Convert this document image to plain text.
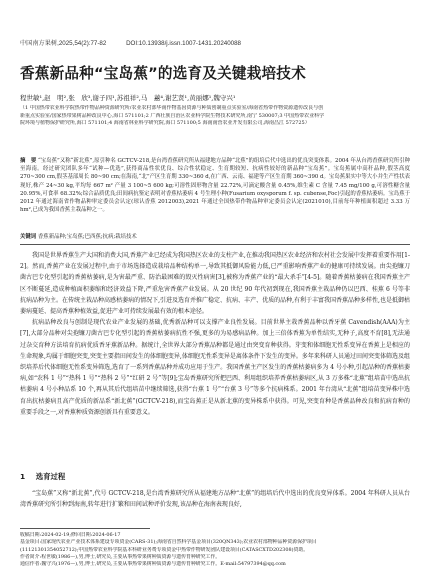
中国南方果树,2025,54(2):77-82	DOI:10.13938/j.issn.1007-1431.20240088
香蕉新品种“宝岛蕉”的选育及关键栽培技术
程世敏¹,赵　明²,张　欣³,谢子四¹,苏祖祥²,马　蕙⁴,谢艺贤¹,黄丽娜¹,魏守兴¹
（1 中国热带农业科学院热带作物品种资源研究所/农业农村部华南作物基因资源与种质创制重点实验室/海南省热带作物资源遗传改良与创
新重点实验室/国家热带果树品种改良中心,海口 571101;2 广西壮族自治区农业科学院生物技术研究所,南宁 530007;3 中国热带农业科学
院环境与植物保护研究所,海口 571101;4 海南省林业科学研究院,海口 571100;5 海南南营农业开发有限公司,海南昌江 572725）
摘　要 “宝岛蕉”又称“新北蕉”,原引种名 GCTCV-218,是台湾香蕉研究所从福建地方品种“北蕉”的组培后代中选出的优良突变体系。2004 年从台湾香蕉研究所引种至海南。经过研究团队多年“试种—优选”,获得商品性状优良、综合性状稳定、生育期较短、抗病性较好的新品种“宝岛蕉”。宝岛蕉属中高秆品种,假茎高度 270~300 cm,假茎基部周长 80~90 cm;在海南,“北”产区生育期 330~360 d,在广西、云南、福建等产区生育期 360~390 d。宝岛蕉果实中等大小并生产性状表现好,株产 24~30 kg,平均每 667 m² 产量 3 100~5 600 kg;可溶性固形物含量 22.72%,可滴定酸含量 0.45%,维生素 C 含量 7.45 mg/100 g,可溶性糖含量 20.95%,可食率 68.32%;综合品质优良;田间病抗鉴定表明对香蕉枯萎病 4 号生理小种(Fusarium oxysporum f. sp. cubense,Foc)引起的香蕉枯萎病。宝岛蕉于 2012 年通过海南省作物品种审定委员会认定(琼认香蕉 2012003),2021 年通过全国热带作物品种审定委员会认定(2021010),目前每年种植面积超过 3.33 万 hm²,已成为我国香蕉主栽品种之一。
关键词 香蕉新品种;宝岛蕉;巴西蕉;抗病;栽培技术

我国是世界香蕉生产大国和消费大国,香蕉产业已经成为我国热区农业的支柱产业,在推动我国热区农业经济和农村社会发展中发挥着重要作用[1-2]。然而,香蕉产业在发展过程中,由于市场选择造成栽培品种结构单一,导致其抵御风险能力低,已严重影响香蕉产业的健康可持续发展。由尖孢镰刀菌古巴专化型引起的香蕉枯萎病,是为害最严重、防治最困难的毁灭性病害[3],被称为香蕉产业的“最大杀手”[4-5]。随着香蕉枯萎病在我国香蕉主产区不断蔓延,造成种植面积萎缩和经济效益下降,严重危害香蕉产业发展。从 20 世纪 90 年代初到现在,我国香蕉主栽品种仍以巴西、桂蕉 6 号等非抗病品种为主。在传统主栽品种高感枯萎病的情况下,引进及选育并推广稳定、抗病、丰产、优质的品种,有利于丰富我国香蕉品种多样性,也是抵御枯萎病蔓延、提高香蕉种植效益,促进产业可持续发展最有效的根本途径。

抗病品种改良与创制是现代农业产业发展的基础,优秀新品种可以支撑产业良性发展。目前世界主栽香蕉品种以香牙蕉 Cavendish(AAA)为主[7],大部分品种对尖孢镰刀菌古巴专化型引起的香蕉枯萎病抗性不强,更多的为易感病品种。加上三倍体香蕉为单性结实,无种子,高度不育[8],无法通过杂交育种方法培育抗病优质香牙蕉新品种。据统计,全世界大部分香蕉品种都是通过由突变育种获得。芽变和体细胞无性系变异在香蕉上是相应的生命现象,均属于细胞突变,突变主要指田间发生的体细胞变异,体细胞无性系变异是离体条件下发生的变异。多年来科研人员通过田间突变体筛选及组织培养后代体细胞无性系变异筛选,选育了一系列香蕉品种并成功应用于生产。我国香蕉主产区发生的香蕉枯萎病多为 4 号小种,引起品种的香蕉枯萎病,如“农科 1 号”“热科 1 号”“热科 2 号”“红研 2 号”等[9];宝岛香蕉研究所把巴西、利用组织培养香蕉枯萎病区,从 3 万多株“北蕉”组培苗中选出抗枯萎病 4 号小种品系 10 个,再从其后代组培苗中继续筛选,获得“台蕉 1 号”“台蕉 3 号”等多个抗病株系。2001 年台湾从“北蕉”组培苗变异株中选育出抗枯萎病且高产优质的新品系“新北蕉”(GCTCV-218),而宝岛蕉正是从新北蕉的变异株系中获得。可见,突变育种是香蕉品种改良和抗病育种的重要手段之一,对香蕉种质资源创新具有重要意义。

1 选育过程

“宝岛蕉”又称“新北蕉”,代号 GCTCV-218,是台湾香蕉研究所从福建地方品种“北蕉”的组培后代中选出的优良变异体系。2004 年科研人员从台湾香蕉研究所引种到海南,转年进行扩繁和田间试种评价发现,该品种在海南表现良好,

收稿日期:2024-02-19;修回日期:2024-06-17
基金项目:国家现代农业产业技术体系建设专项资金(CARS-31);海南省自然科学基金项目(320QN343);农业农村部物种品种资源保护项目
(11121301354052712);中国热带农业科学院基本科研业务费专项资金中热带作物研发团队建设项目(CATASCXTD202308)资助。
作者简介:程世敏(1986—),男,博士,研究员,主要从事热带果树种质资源与遗传育种研究工作。
通信作者:魏守兴(1976—),男,博士,研究员,主要从事热带果树种质资源与遗传育种研究工作。E-mail:54797394@qq.com
